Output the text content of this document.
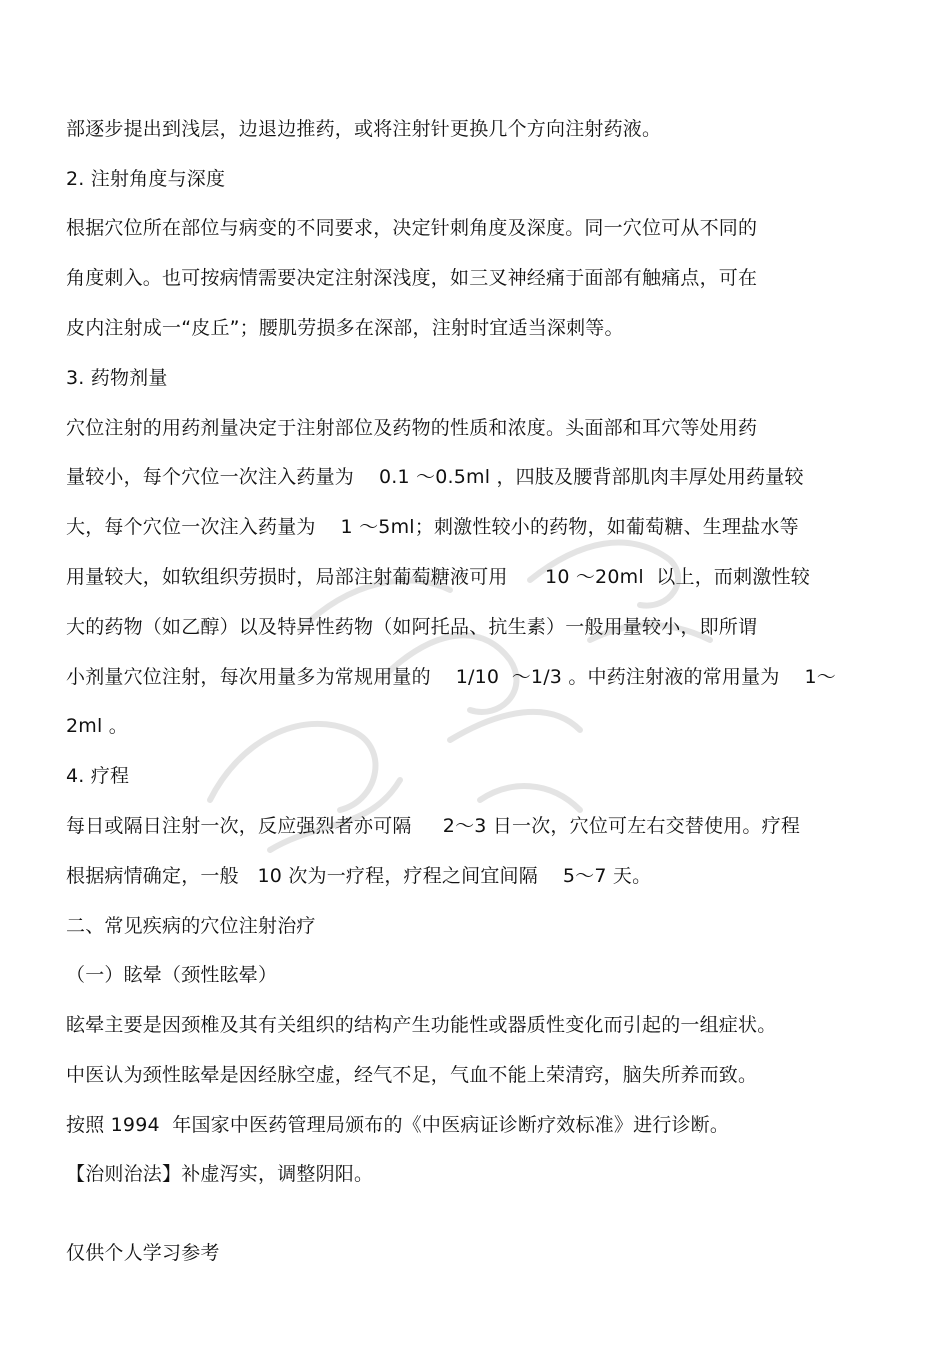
部逐步提出到浅层，边退边推药，或将注射针更换几个方向注射药液。
2. 注射角度与深度
根据穴位所在部位与病变的不同要求，决定针刺角度及深度。同一穴位可从不同的
角度刺入。也可按病情需要决定注射深浅度，如三叉神经痛于面部有触痛点，可在
皮内注射成一“皮丘”；腰肌劳损多在深部，注射时宜适当深刺等。
3. 药物剂量
穴位注射的用药剂量决定于注射部位及药物的性质和浓度。头面部和耳穴等处用药
量较小，每个穴位一次注入药量为    0.1 ～0.5ml ，四肢及腰背部肌肉丰厚处用药量较
大，每个穴位一次注入药量为    1 ～5ml；刺激性较小的药物，如葡萄糖、生理盐水等
用量较大，如软组织劳损时，局部注射葡萄糖液可用      10 ～20ml  以上，而刺激性较
大的药物（如乙醇）以及特异性药物（如阿托品、抗生素）一般用量较小，即所谓
小剂量穴位注射，每次用量多为常规用量的    1/10  ～1/3 。中药注射液的常用量为    1～
2ml 。
4. 疗程
每日或隔日注射一次，反应强烈者亦可隔     2～3 日一次，穴位可左右交替使用。疗程
根据病情确定，一般   10 次为一疗程，疗程之间宜间隔    5～7 天。
二、常见疾病的穴位注射治疗
（一）眩晕（颈性眩晕）
眩晕主要是因颈椎及其有关组织的结构产生功能性或器质性变化而引起的一组症状。
中医认为颈性眩晕是因经脉空虚，经气不足，气血不能上荣清窍，脑失所养而致。
按照 1994  年国家中医药管理局颁布的《中医病证诊断疗效标准》进行诊断。
【治则治法】补虚泻实，调整阴阳。
仅供个人学习参考
